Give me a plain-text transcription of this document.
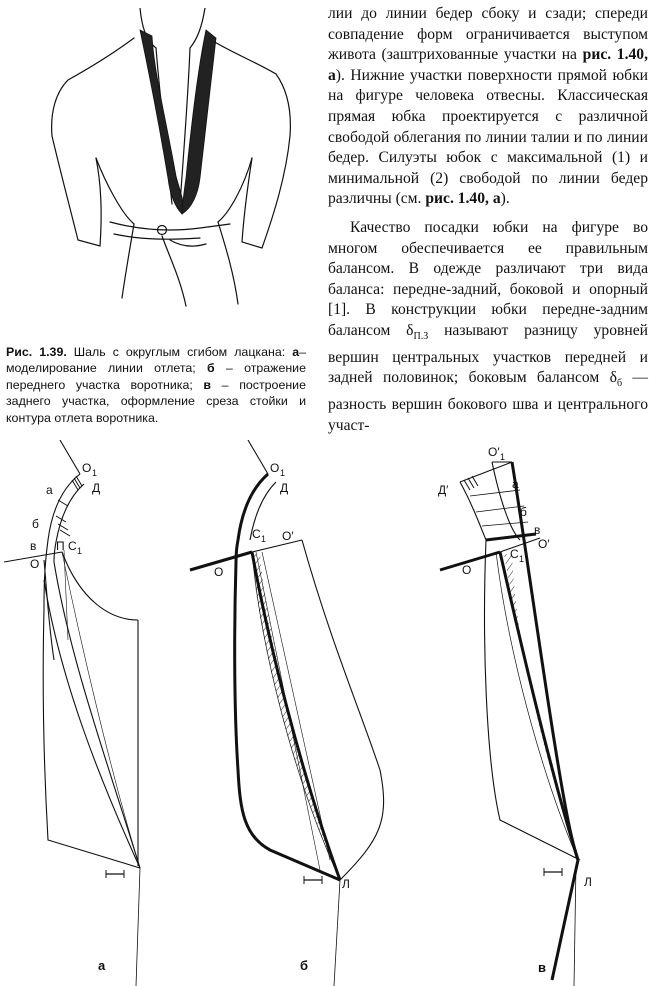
Рис. 1.39. Шаль с округлым сгибом лацкана: а– моделирование линии отлета; б – отражение переднего участка воротника; в – построение заднего участка, оформление среза стойки и контура отлета воротника.

лии до линии бедер сбоку и сзади; спереди совпадение форм ограничивается выступом живота (заштрихованные участки на рис. 1.40, а). Нижние участки поверхности прямой юбки на фигуре человека отвесны. Классическая прямая юбка проектируется с различной свободой облегания по линии талии и по линии бедер. Силуэты юбок с максимальной (1) и минимальной (2) свободой по линии бедер различны (см. рис. 1.40, а).

Качество посадки юбки на фигуре во многом обеспечивается ее правильным балансом. В одежде различают три вида баланса: передне-задний, боковой и опорный [1]. В конструкции юбки передне-задним балансом $\delta_{П.З}$ называют разницу уровней вершин центральных участков передней и задней половинок; боковым балансом $\delta_б$ — разность вершин бокового шва и центрального участ-

O 1
Д
а
б
в П C 1
O
а
O 1
Д
C 1 O′
O
Л
б
O′ 1
Д′	а
б
в
O′
C 1
O
Л
в
